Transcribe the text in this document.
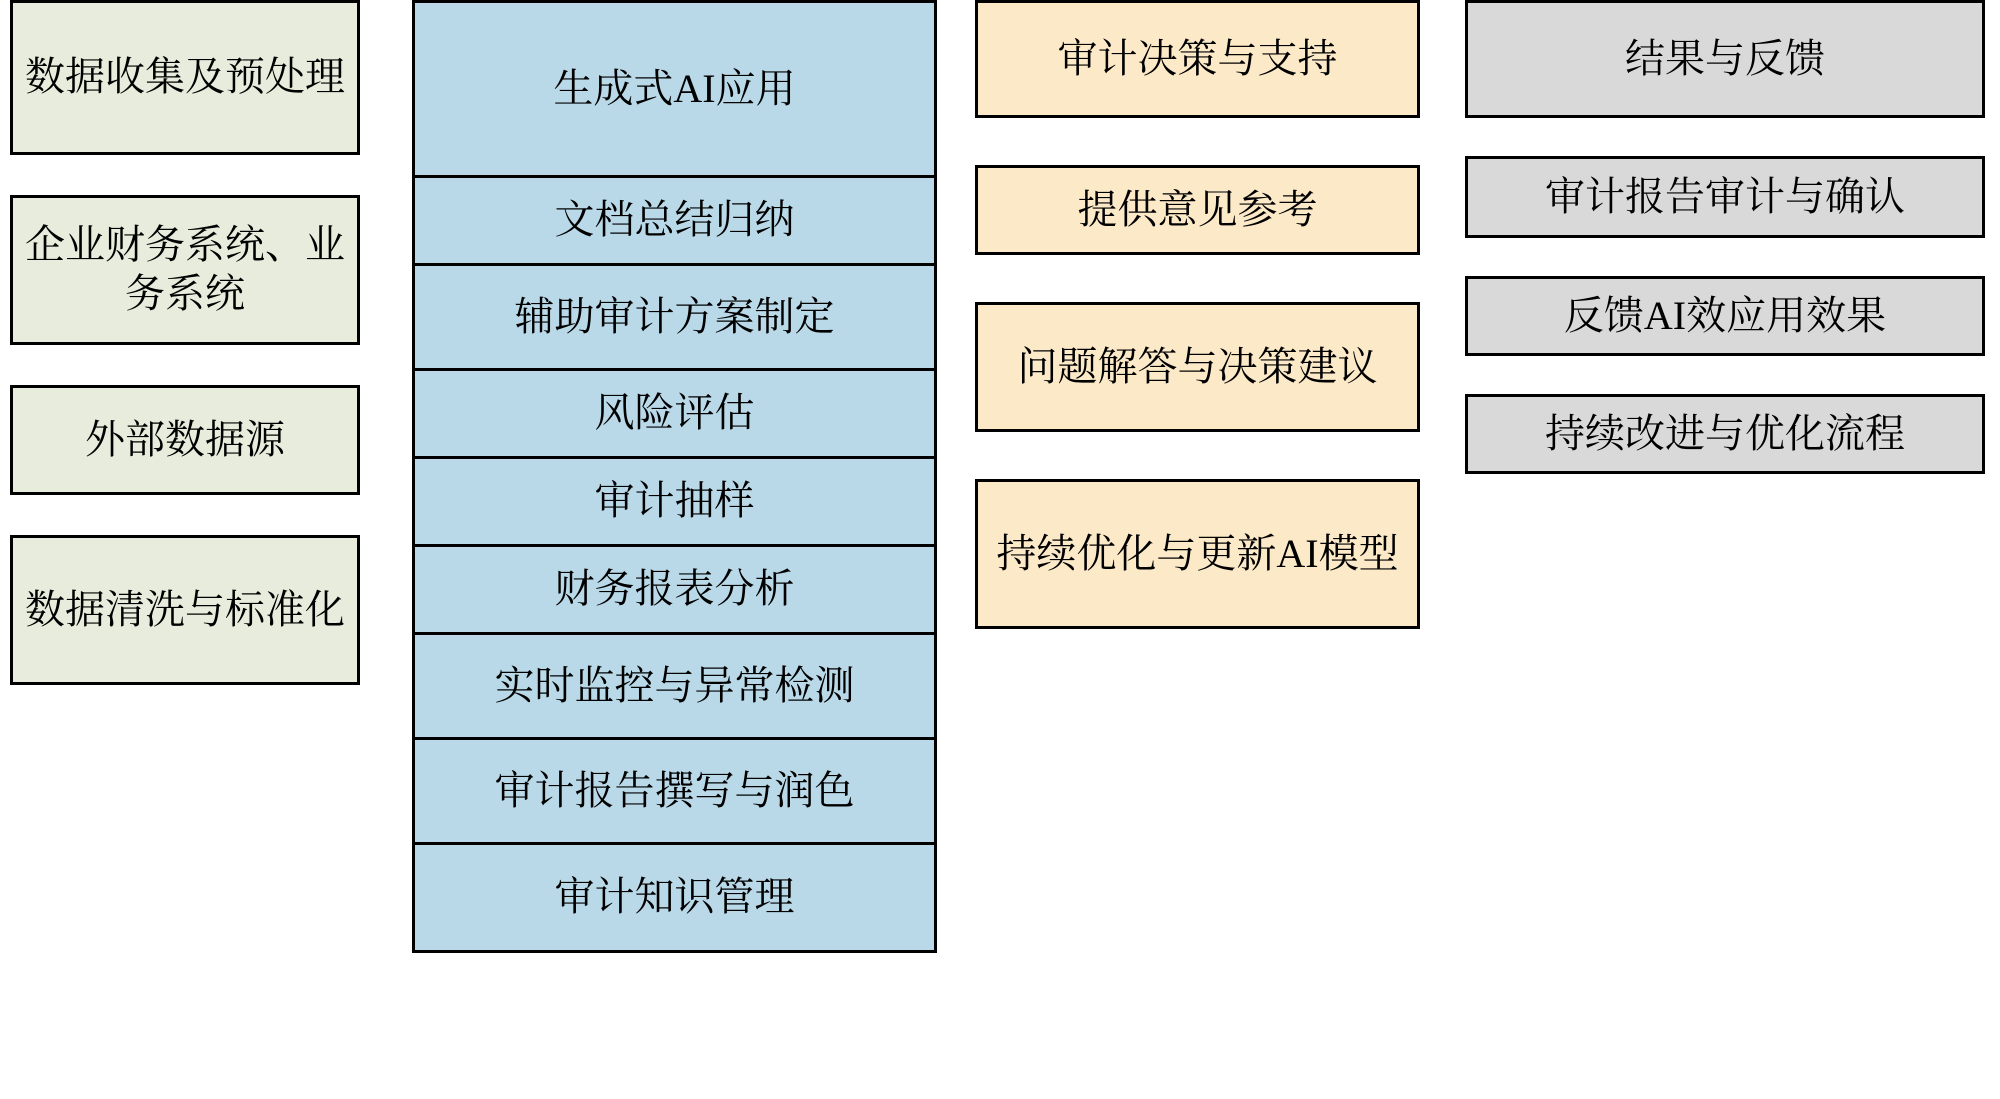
数据收集及预处理
企业财务系统、业务系统
外部数据源
数据清洗与标准化
生成式AI应用
文档总结归纳
辅助审计方案制定
风险评估
审计抽样
财务报表分析
实时监控与异常检测
审计报告撰写与润色
审计知识管理
审计决策与支持
提供意见参考
问题解答与决策建议
持续优化与更新AI模型
结果与反馈
审计报告审计与确认
反馈AI效应用效果
持续改进与优化流程
